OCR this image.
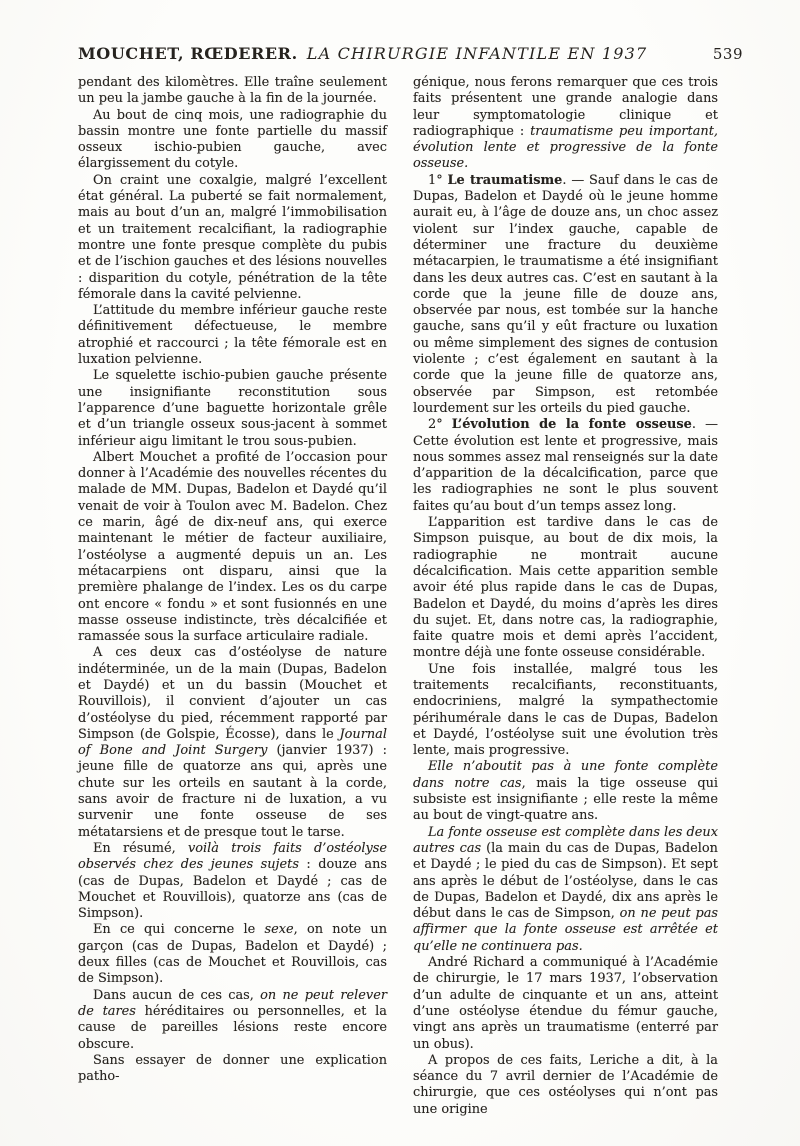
MOUCHET, RŒDERER. LA CHIRURGIE INFANTILE EN 1937	539

pendant des kilomètres. Elle traîne seulement un peu la jambe gauche à la fin de la journée.

Au bout de cinq mois, une radiographie du bassin montre une fonte partielle du massif osseux ischio-pubien gauche, avec élargissement du cotyle.

On craint une coxalgie, malgré l’excellent état général. La puberté se fait normalement, mais au bout d’un an, malgré l’immobilisation et un traitement recalcifiant, la radiographie montre une fonte presque complète du pubis et de l’ischion gauches et des lésions nouvelles : disparition du cotyle, pénétration de la tête fémorale dans la cavité pelvienne.

L’attitude du membre inférieur gauche reste définitivement défectueuse, le membre atrophié et raccourci ; la tête fémorale est en luxation pelvienne.

Le squelette ischio-pubien gauche présente une insignifiante reconstitution sous l’apparence d’une baguette horizontale grêle et d’un triangle osseux sous-jacent à sommet inférieur aigu limitant le trou sous-pubien.

Albert Mouchet a profité de l’occasion pour donner à l’Académie des nouvelles récentes du malade de MM. Dupas, Badelon et Daydé qu’il venait de voir à Toulon avec M. Badelon. Chez ce marin, âgé de dix-neuf ans, qui exerce maintenant le métier de facteur auxiliaire, l’ostéolyse a augmenté depuis un an. Les métacarpiens ont disparu, ainsi que la première phalange de l’index. Les os du carpe ont encore « fondu » et sont fusionnés en une masse osseuse indistincte, très décalcifiée et ramassée sous la surface articulaire radiale.

A ces deux cas d’ostéolyse de nature indéterminée, un de la main (Dupas, Badelon et Daydé) et un du bassin (Mouchet et Rouvillois), il convient d’ajouter un cas d’ostéolyse du pied, récemment rapporté par Simpson (de Golspie, Écosse), dans le Journal of Bone and Joint Surgery (janvier 1937) : jeune fille de quatorze ans qui, après une chute sur les orteils en sautant à la corde, sans avoir de fracture ni de luxation, a vu survenir une fonte osseuse de ses métatarsiens et de presque tout le tarse.

En résumé, voilà trois faits d’ostéolyse observés chez des jeunes sujets : douze ans (cas de Dupas, Badelon et Daydé ; cas de Mouchet et Rouvillois), quatorze ans (cas de Simpson).

En ce qui concerne le sexe, on note un garçon (cas de Dupas, Badelon et Daydé) ; deux filles (cas de Mouchet et Rouvillois, cas de Simpson).

Dans aucun de ces cas, on ne peut relever de tares héréditaires ou personnelles, et la cause de pareilles lésions reste encore obscure.

Sans essayer de donner une explication patho-

génique, nous ferons remarquer que ces trois faits présentent une grande analogie dans leur symptomatologie clinique et radiographique : traumatisme peu important, évolution lente et progressive de la fonte osseuse.

1° Le traumatisme. — Sauf dans le cas de Dupas, Badelon et Daydé où le jeune homme aurait eu, à l’âge de douze ans, un choc assez violent sur l’index gauche, capable de déterminer une fracture du deuxième métacarpien, le traumatisme a été insignifiant dans les deux autres cas. C’est en sautant à la corde que la jeune fille de douze ans, observée par nous, est tombée sur la hanche gauche, sans qu’il y eût fracture ou luxation ou même simplement des signes de contusion violente ; c’est également en sautant à la corde que la jeune fille de quatorze ans, observée par Simpson, est retombée lourdement sur les orteils du pied gauche.

2° L’évolution de la fonte osseuse. — Cette évolution est lente et progressive, mais nous sommes assez mal renseignés sur la date d’apparition de la décalcification, parce que les radiographies ne sont le plus souvent faites qu’au bout d’un temps assez long.

L’apparition est tardive dans le cas de Simpson puisque, au bout de dix mois, la radiographie ne montrait aucune décalcification. Mais cette apparition semble avoir été plus rapide dans le cas de Dupas, Badelon et Daydé, du moins d’après les dires du sujet. Et, dans notre cas, la radiographie, faite quatre mois et demi après l’accident, montre déjà une fonte osseuse considérable.

Une fois installée, malgré tous les traitements recalcifiants, reconstituants, endocriniens, malgré la sympathectomie périhumérale dans le cas de Dupas, Badelon et Daydé, l’ostéolyse suit une évolution très lente, mais progressive.

Elle n’aboutit pas à une fonte complète dans notre cas, mais la tige osseuse qui subsiste est insignifiante ; elle reste la même au bout de vingt-quatre ans.

La fonte osseuse est complète dans les deux autres cas (la main du cas de Dupas, Badelon et Daydé ; le pied du cas de Simpson). Et sept ans après le début de l’ostéolyse, dans le cas de Dupas, Badelon et Daydé, dix ans après le début dans le cas de Simpson, on ne peut pas affirmer que la fonte osseuse est arrêtée et qu’elle ne continuera pas.

André Richard a communiqué à l’Académie de chirurgie, le 17 mars 1937, l’observation d’un adulte de cinquante et un ans, atteint d’une ostéolyse étendue du fémur gauche, vingt ans après un traumatisme (enterré par un obus).

A propos de ces faits, Leriche a dit, à la séance du 7 avril dernier de l’Académie de chirurgie, que ces ostéolyses qui n’ont pas une origine
